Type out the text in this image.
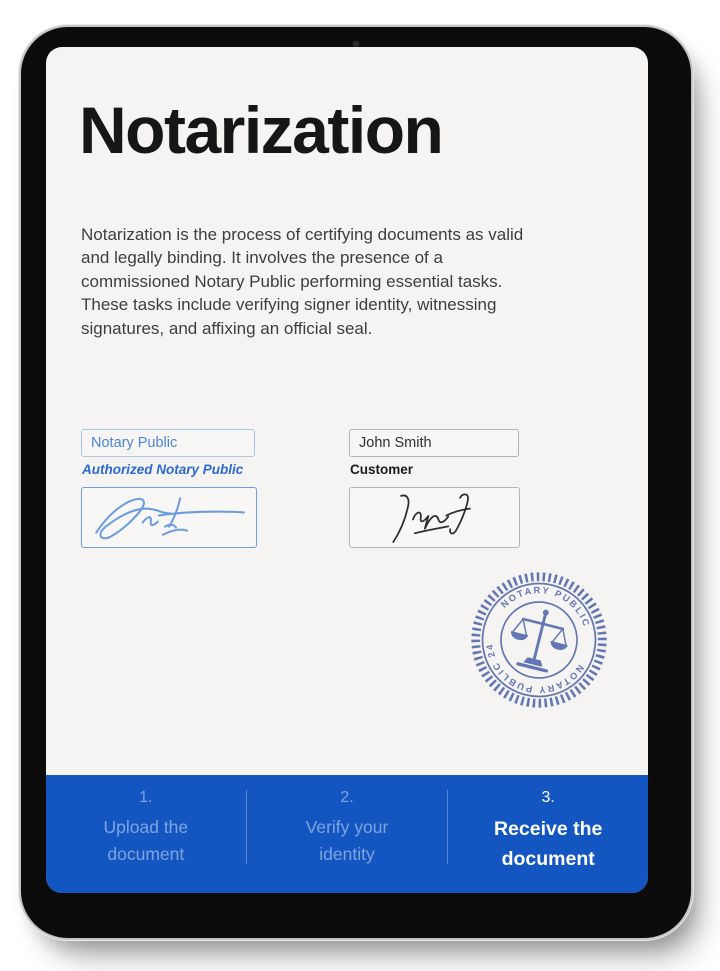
Notarization

Notarization is the process of certifying documents as valid and legally binding. It involves the presence of a commissioned Notary Public performing essential tasks. These tasks include verifying signer identity, witnessing signatures, and affixing an official seal.

Notary Public
Authorized Notary Public
John Smith	Customer
NOTARY PUBLIC
NOTARY PUBLIC 24
1.
Upload the
document
2.
Verify your
identity
3.
Receive the
document
